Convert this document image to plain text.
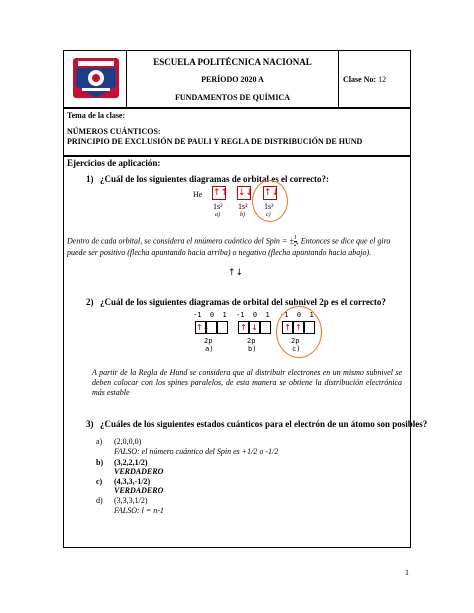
ESCUELA POLITÉCNICA NACIONAL
PERÍODO 2020 A
FUNDAMENTOS DE QUÍMICA
Clase No: 12
Tema de la clase:
NÚMEROS CUÁNTICOS:
PRINCIPIO DE EXCLUSIÓN DE PAULI Y REGLA DE DISTRIBUCIÓN DE HUND
Ejercicios de aplicación:
1) ¿Cuál de los siguientes diagramas de orbital es el correcto?:
He ↑↑
1s²
a)
↓↓
1s²
b)
↑↓
1s²
c)
Dentro de cada orbital, se considera el nnúmero cuántico del Spin = ± $\frac{1}{2}$ , Entonces se dice que el giro puede ser positivo (flecha apuntando hacia arriba) o negativo (flecha apuntando hacia abajo).
↑↓
2) ¿Cuál de los siguientes diagramas de orbital del subnivel 2p es el correcto?
-1  0  1
↑↓
2p
a)
-1  0  1
↑ ↓
2p
b)
-1  0  1
↑ ↑
2p
c)
A partir de la Regla de Hund se considera que al distribuir electrones en un mismo subnivel se deben colocar con los spines paralelos, de esta manera se obtiene la distribución electrónica más estable
3) ¿Cuáles de los siguientes estados cuánticos para el electrón de un átomo son posibles?
a) (2,0,0,0)
FALSO: el número cuántico del Spin es +1/2 o -1/2
b) (3,2,2,1/2)
VERDADERO
c) (4,3,3,-1/2)
VERDADERO
d) (3,3,3,1/2)
FALSO: l = n-1
1
